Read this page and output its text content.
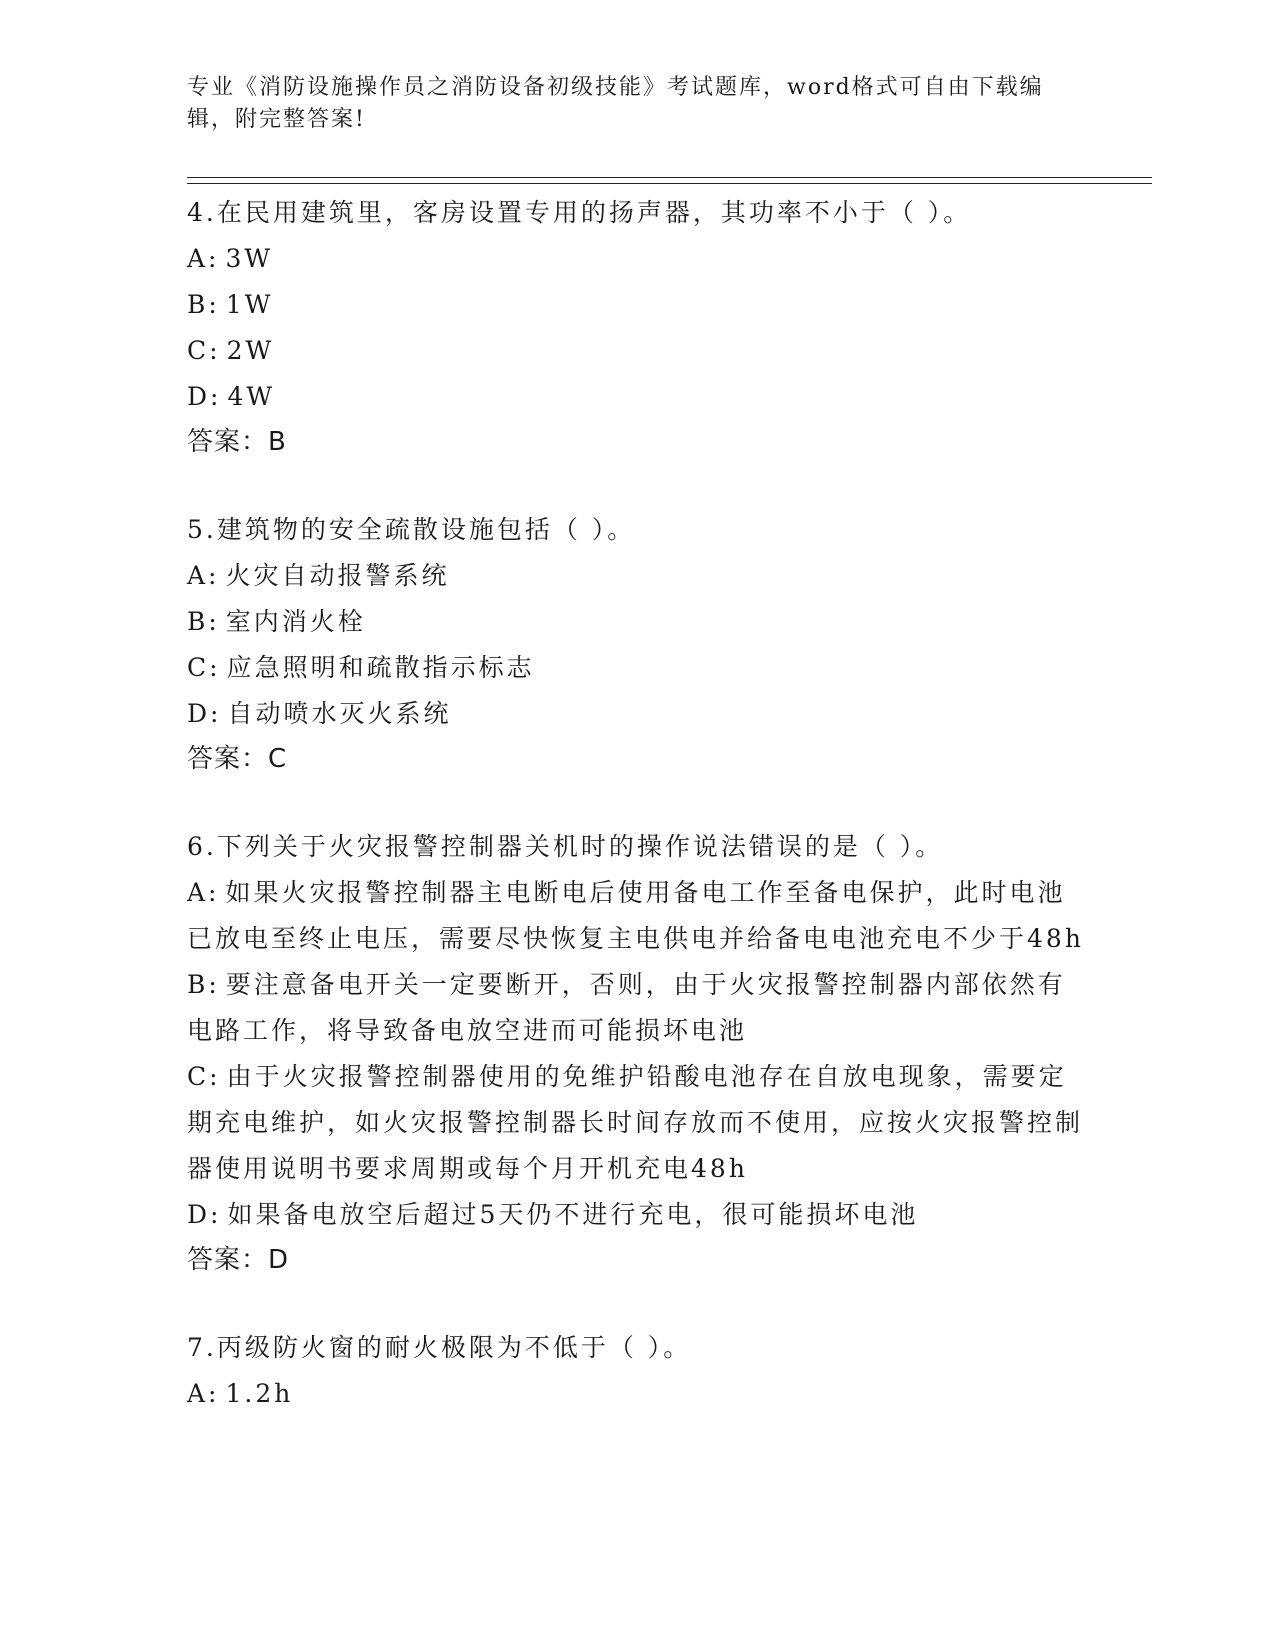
专业《消防设施操作员之消防设备初级技能》考试题库，word格式可自由下载编辑，附完整答案!
4.在民用建筑里，客房设置专用的扬声器，其功率不小于（ ）。
A: 3W
B: 1W
C: 2W
D: 4W
答案：B
5.建筑物的安全疏散设施包括（ ）。
A: 火灾自动报警系统
B: 室内消火栓
C: 应急照明和疏散指示标志
D: 自动喷水灭火系统
答案：C
6.下列关于火灾报警控制器关机时的操作说法错误的是（ ）。
A: 如果火灾报警控制器主电断电后使用备电工作至备电保护，此时电池已放电至终止电压，需要尽快恢复主电供电并给备电电池充电不少于48h
B: 要注意备电开关一定要断开，否则，由于火灾报警控制器内部依然有电路工作，将导致备电放空进而可能损坏电池
C: 由于火灾报警控制器使用的免维护铅酸电池存在自放电现象，需要定期充电维护，如火灾报警控制器长时间存放而不使用，应按火灾报警控制器使用说明书要求周期或每个月开机充电48h
D: 如果备电放空后超过5天仍不进行充电，很可能损坏电池
答案：D
7.丙级防火窗的耐火极限为不低于（ ）。
A: 1.2h
